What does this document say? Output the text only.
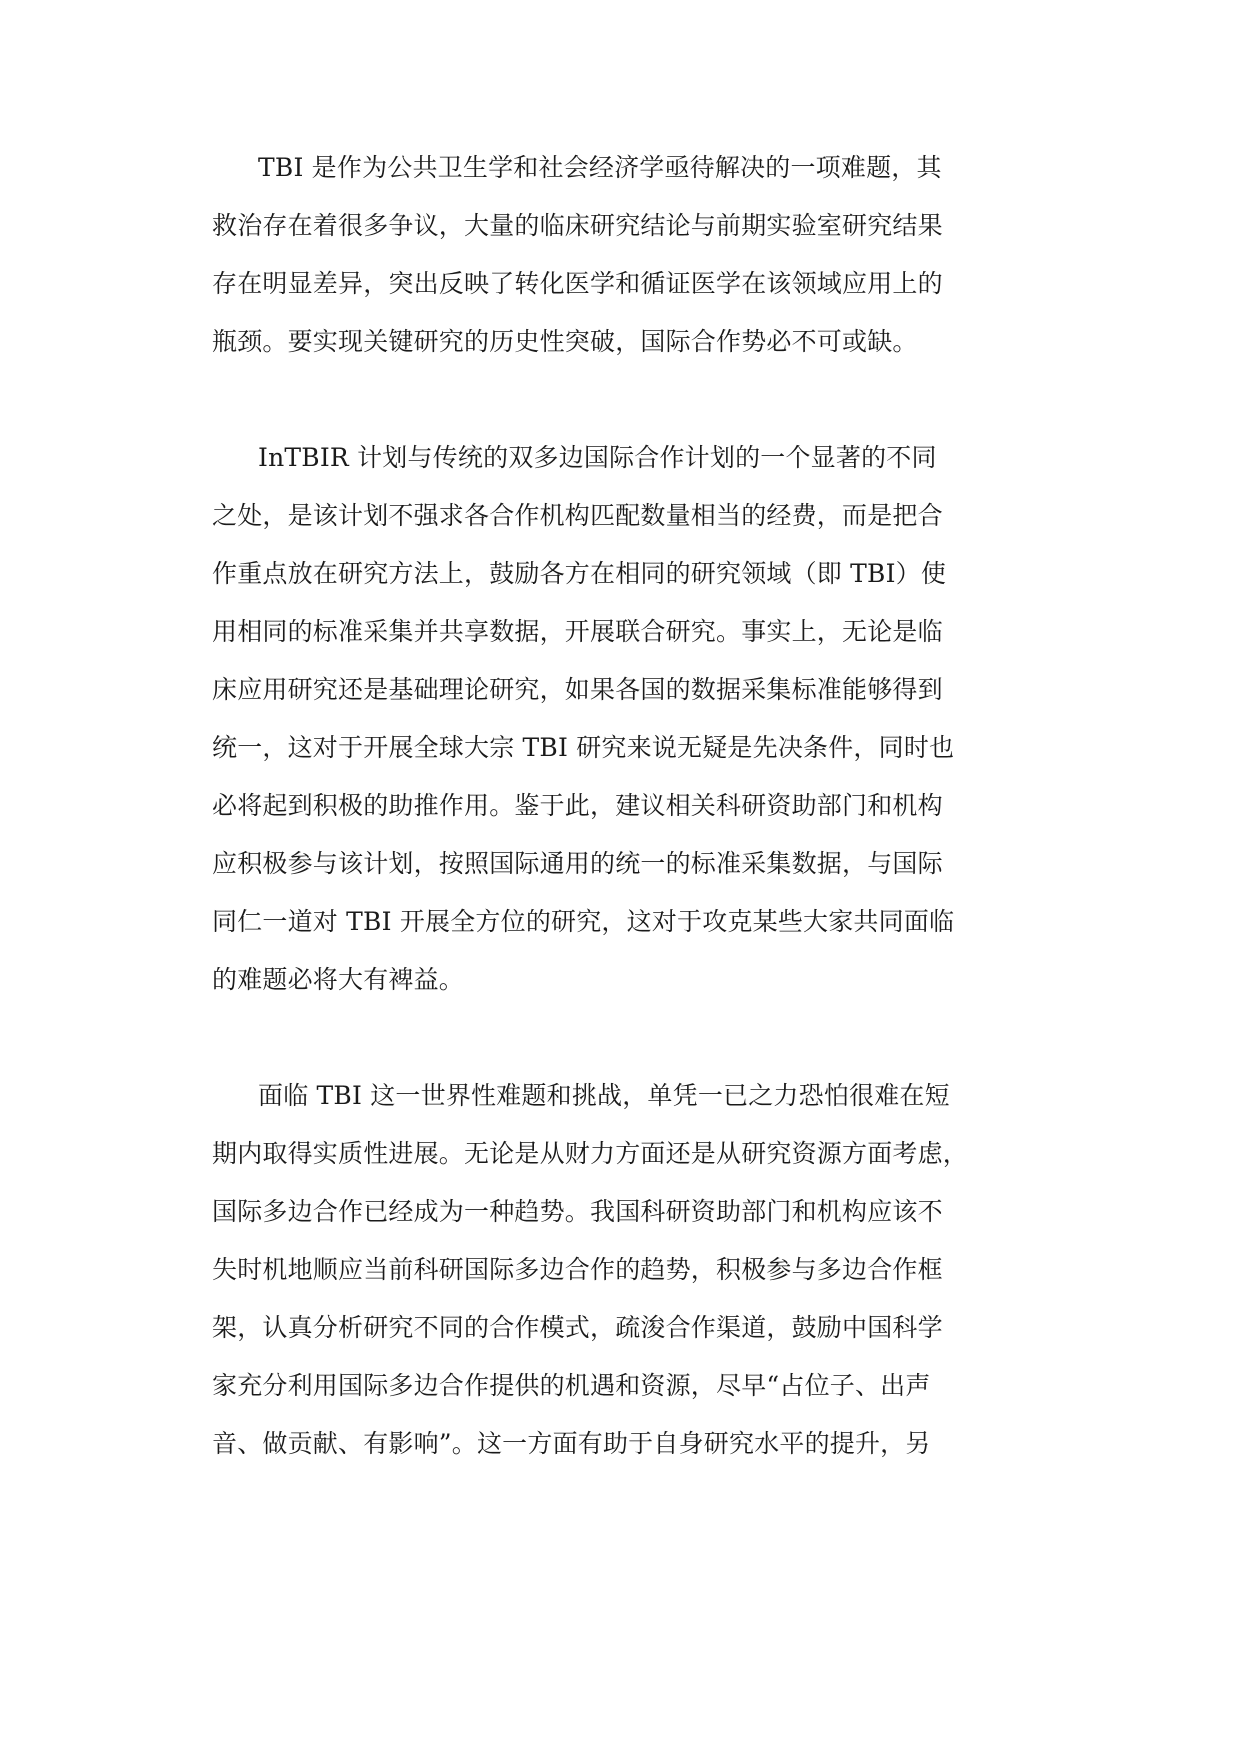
TBI 是作为公共卫生学和社会经济学亟待解决的一项难题，其
救治存在着很多争议，大量的临床研究结论与前期实验室研究结果
存在明显差异，突出反映了转化医学和循证医学在该领域应用上的
瓶颈。要实现关键研究的历史性突破，国际合作势必不可或缺。
InTBIR 计划与传统的双多边国际合作计划的一个显著的不同
之处，是该计划不强求各合作机构匹配数量相当的经费，而是把合
作重点放在研究方法上，鼓励各方在相同的研究领域（即 TBI）使
用相同的标准采集并共享数据，开展联合研究。事实上，无论是临
床应用研究还是基础理论研究，如果各国的数据采集标准能够得到
统一，这对于开展全球大宗 TBI 研究来说无疑是先决条件，同时也
必将起到积极的助推作用。鉴于此，建议相关科研资助部门和机构
应积极参与该计划，按照国际通用的统一的标准采集数据，与国际
同仁一道对 TBI 开展全方位的研究，这对于攻克某些大家共同面临
的难题必将大有裨益。
面临 TBI 这一世界性难题和挑战，单凭一已之力恐怕很难在短
期内取得实质性进展。无论是从财力方面还是从研究资源方面考虑，
国际多边合作已经成为一种趋势。我国科研资助部门和机构应该不
失时机地顺应当前科研国际多边合作的趋势，积极参与多边合作框
架，认真分析研究不同的合作模式，疏浚合作渠道，鼓励中国科学
家充分利用国际多边合作提供的机遇和资源，尽早“占位子、出声
音、做贡献、有影响”。这一方面有助于自身研究水平的提升，另
